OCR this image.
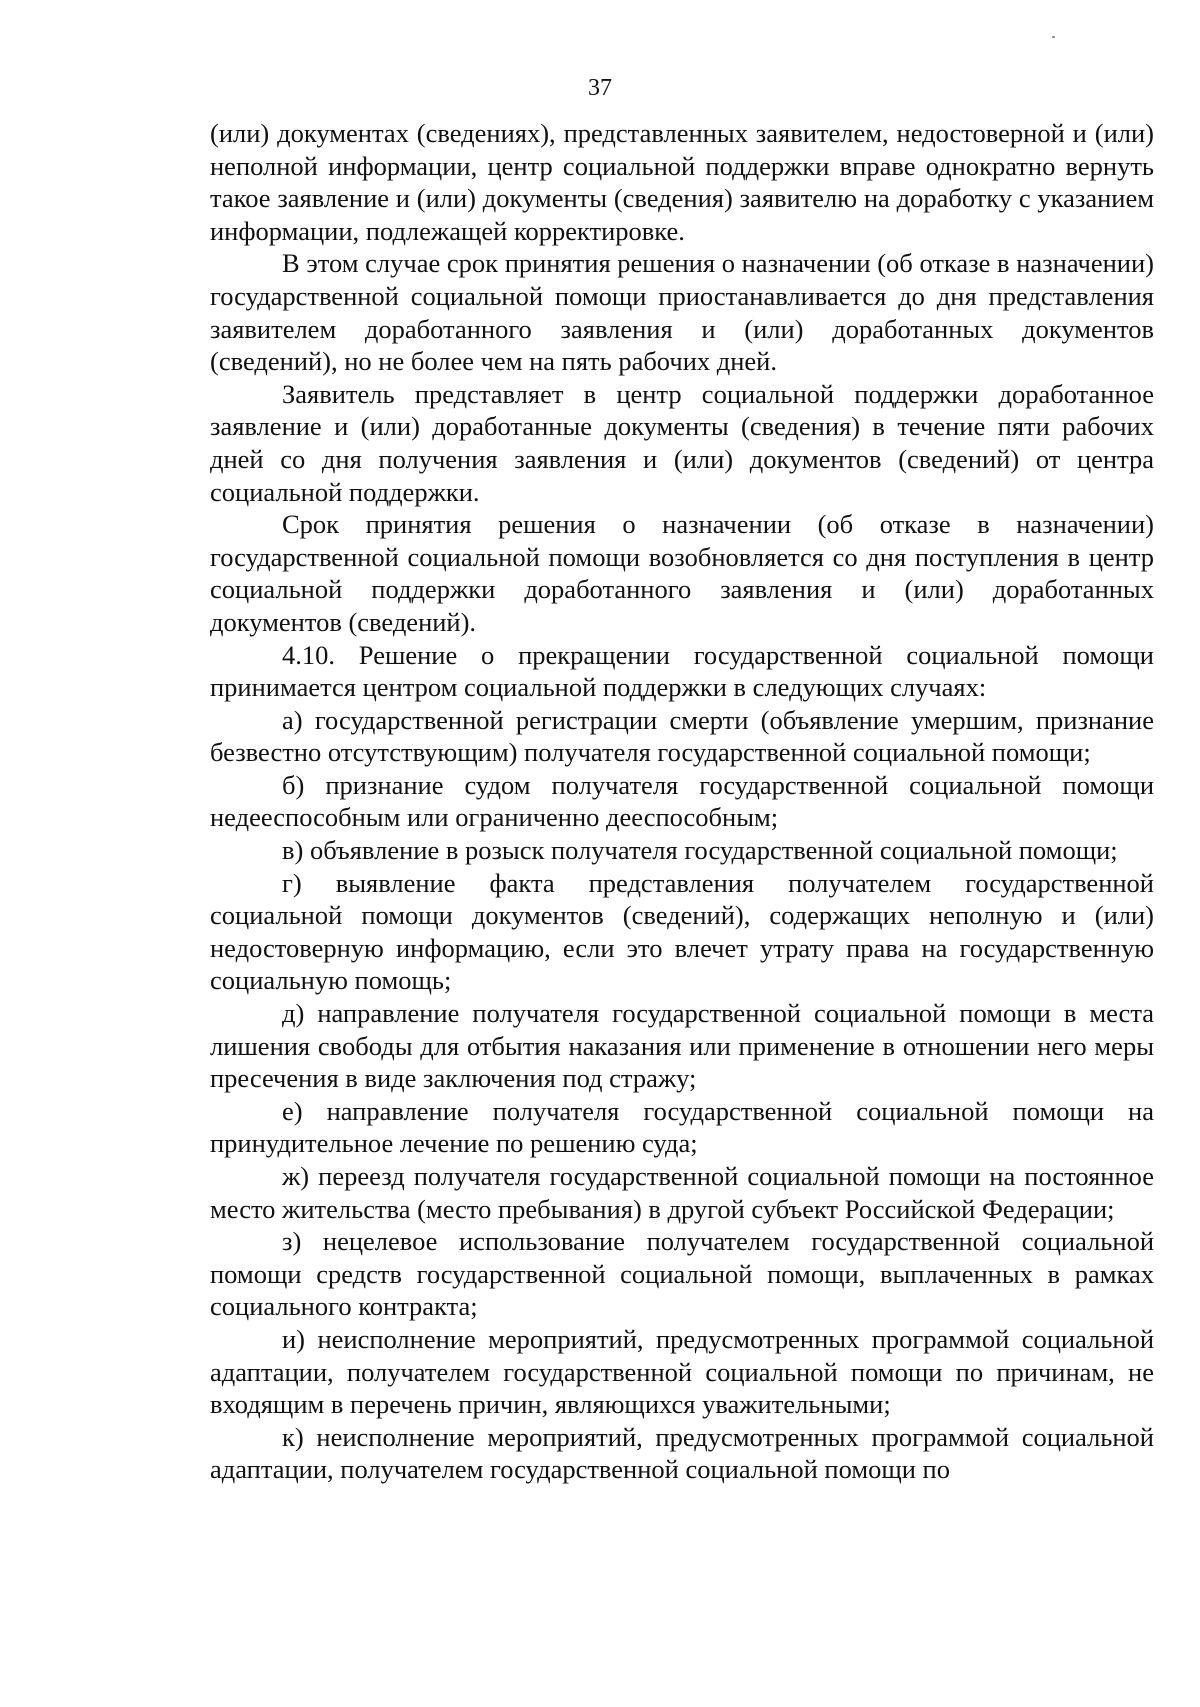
37

(или) документах (сведениях), представленных заявителем, недостоверной и (или) неполной информации, центр социальной поддержки вправе однократно вернуть такое заявление и (или) документы (сведения) заявителю на доработку с указанием информации, подлежащей корректировке.

В этом случае срок принятия решения о назначении (об отказе в назначении) государственной социальной помощи приостанавливается до дня представления заявителем доработанного заявления и (или) доработанных документов (сведений), но не более чем на пять рабочих дней.

Заявитель представляет в центр социальной поддержки доработанное заявление и (или) доработанные документы (сведения) в течение пяти рабочих дней со дня получения заявления и (или) документов (сведений) от центра социальной поддержки.

Срок принятия решения о назначении (об отказе в назначении) государственной социальной помощи возобновляется со дня поступления в центр социальной поддержки доработанного заявления и (или) доработанных документов (сведений).

4.10. Решение о прекращении государственной социальной помощи принимается центром социальной поддержки в следующих случаях:

а) государственной регистрации смерти (объявление умершим, признание безвестно отсутствующим) получателя государственной социальной помощи;

б) признание судом получателя государственной социальной помощи недееспособным или ограниченно дееспособным;

в) объявление в розыск получателя государственной социальной помощи;

г) выявление факта представления получателем государственной социальной помощи документов (сведений), содержащих неполную и (или) недостоверную информацию, если это влечет утрату права на государственную социальную помощь;

д) направление получателя государственной социальной помощи в места лишения свободы для отбытия наказания или применение в отношении него меры пресечения в виде заключения под стражу;

е) направление получателя государственной социальной помощи на принудительное лечение по решению суда;

ж) переезд получателя государственной социальной помощи на постоянное место жительства (место пребывания) в другой субъект Российской Федерации;

з) нецелевое использование получателем государственной социальной помощи средств государственной социальной помощи, выплаченных в рамках социального контракта;

и) неисполнение мероприятий, предусмотренных программой социальной адаптации, получателем государственной социальной помощи по причинам, не входящим в перечень причин, являющихся уважительными;

к) неисполнение мероприятий, предусмотренных программой социальной адаптации, получателем государственной социальной помощи по
